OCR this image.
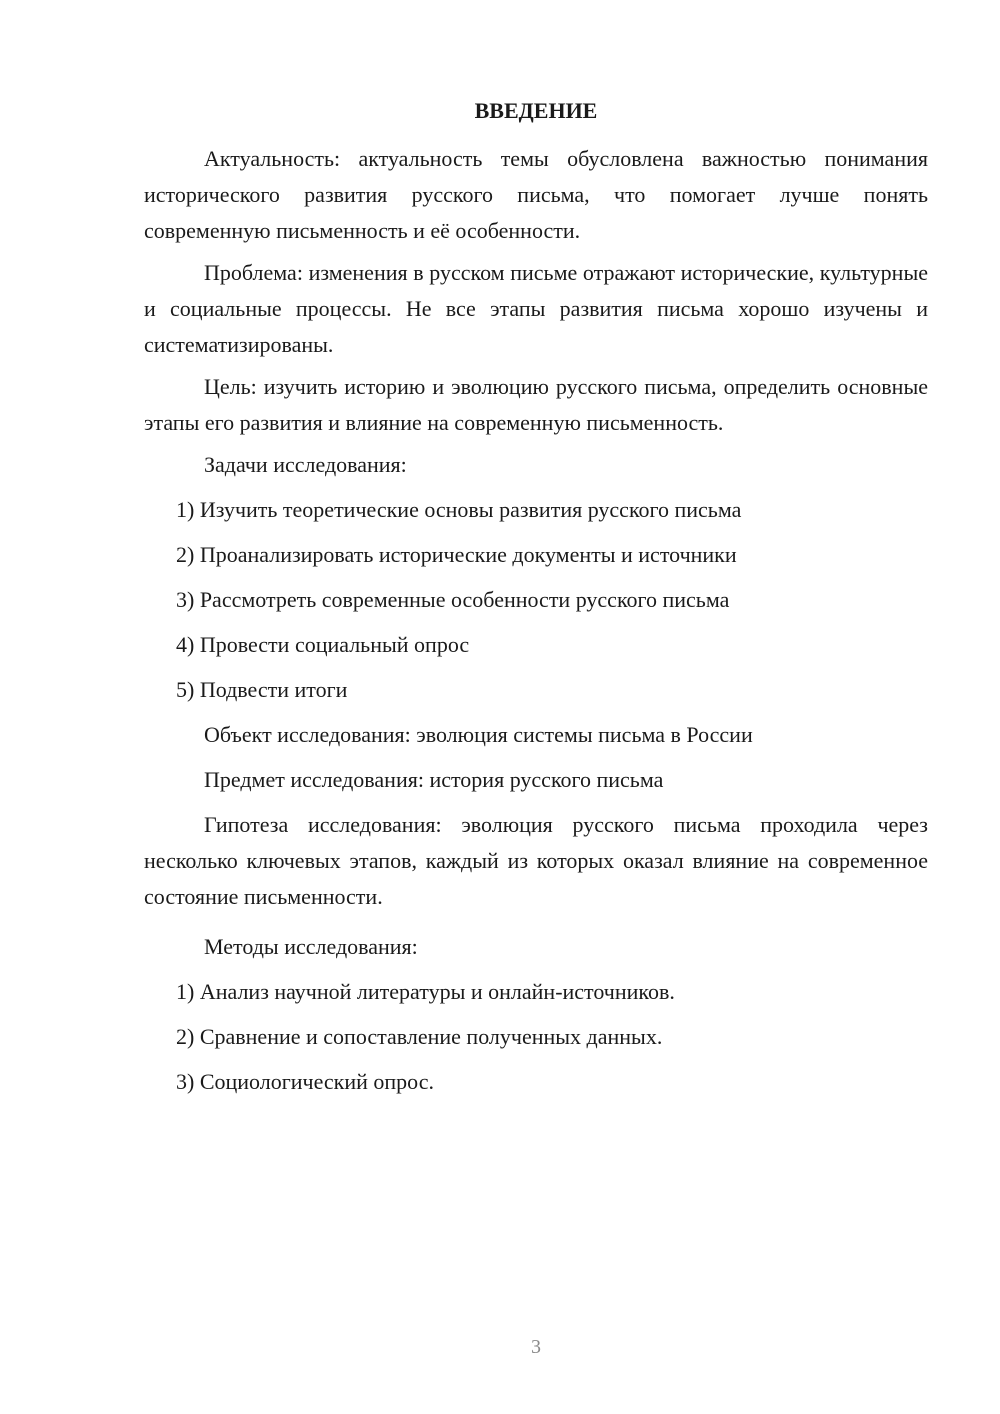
ВВЕДЕНИЕ

Актуальность: актуальность темы обусловлена важностью понимания исторического развития русского письма, что помогает лучше понять современную письменность и её особенности.

Проблема: изменения в русском письме отражают исторические, культурные и социальные процессы. Не все этапы развития письма хорошо изучены и систематизированы.

Цель: изучить историю и эволюцию русского письма, определить основные этапы его развития и влияние на современную письменность.

Задачи исследования:
1) Изучить теоретические основы развития русского письма
2) Проанализировать исторические документы и источники
3) Рассмотреть современные особенности русского письма
4) Провести социальный опрос
5) Подвести итоги
Объект исследования: эволюция системы письма в России
Предмет исследования: история русского письма

Гипотеза исследования: эволюция русского письма проходила через несколько ключевых этапов, каждый из которых оказал влияние на современное состояние письменности.

Методы исследования:
1) Анализ научной литературы и онлайн-источников.
2) Сравнение и сопоставление полученных данных.
3) Социологический опрос.
3
